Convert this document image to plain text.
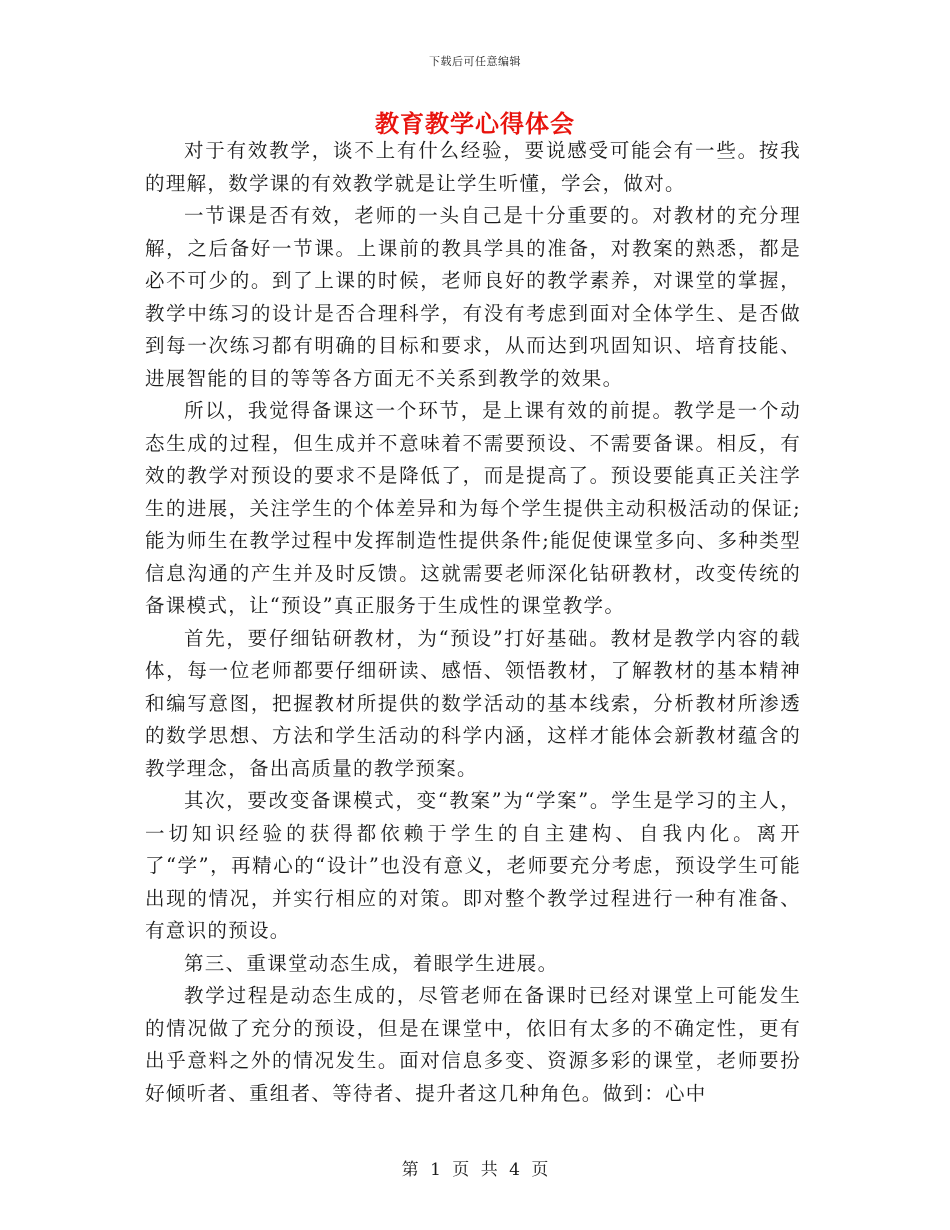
下载后可任意编辑
教育教学心得体会

对于有效教学，谈不上有什么经验，要说感受可能会有一些。按我的理解，数学课的有效教学就是让学生听懂，学会，做对。

一节课是否有效，老师的一头自己是十分重要的。对教材的充分理解，之后备好一节课。上课前的教具学具的准备，对教案的熟悉，都是必不可少的。到了上课的时候，老师良好的教学素养，对课堂的掌握，教学中练习的设计是否合理科学，有没有考虑到面对全体学生、是否做到每一次练习都有明确的目标和要求，从而达到巩固知识、培育技能、进展智能的目的等等各方面无不关系到教学的效果。

所以，我觉得备课这一个环节，是上课有效的前提。教学是一个动态生成的过程，但生成并不意味着不需要预设、不需要备课。相反，有效的教学对预设的要求不是降低了，而是提高了。预设要能真正关注学生的进展，关注学生的个体差异和为每个学生提供主动积极活动的保证;能为师生在教学过程中发挥制造性提供条件;能促使课堂多向、多种类型信息沟通的产生并及时反馈。这就需要老师深化钻研教材，改变传统的备课模式，让“预设”真正服务于生成性的课堂教学。

首先，要仔细钻研教材，为“预设”打好基础。教材是教学内容的载体，每一位老师都要仔细研读、感悟、领悟教材，了解教材的基本精神和编写意图，把握教材所提供的数学活动的基本线索，分析教材所渗透的数学思想、方法和学生活动的科学内涵，这样才能体会新教材蕴含的教学理念，备出高质量的教学预案。

其次，要改变备课模式，变“教案”为“学案”。学生是学习的主人，一切知识经验的获得都依赖于学生的自主建构、自我内化。离开了“学”，再精心的“设计”也没有意义，老师要充分考虑，预设学生可能出现的情况，并实行相应的对策。即对整个教学过程进行一种有准备、有意识的预设。

第三、重课堂动态生成，着眼学生进展。

教学过程是动态生成的，尽管老师在备课时已经对课堂上可能发生的情况做了充分的预设，但是在课堂中，依旧有太多的不确定性，更有出乎意料之外的情况发生。面对信息多变、资源多彩的课堂，老师要扮好倾听者、重组者、等待者、提升者这几种角色。做到：心中

第 1 页 共 4 页
